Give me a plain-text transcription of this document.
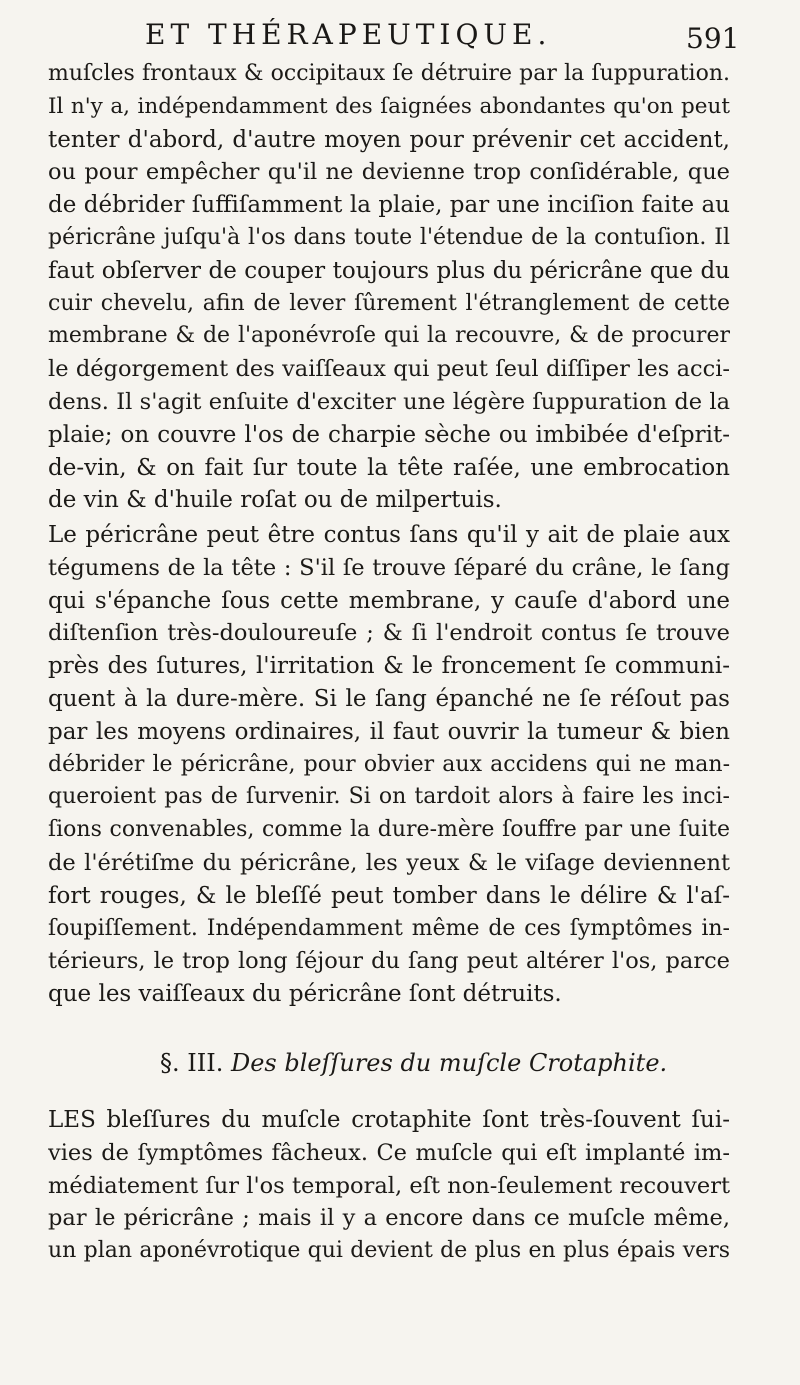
ET THÉRAPEUTIQUE.	591
muſcles frontaux & occipitaux ſe détruire par la ſuppuration.
Il n'y a, indépendamment des ſaignées abondantes qu'on peut
tenter d'abord, d'autre moyen pour prévenir cet accident,
ou pour empêcher qu'il ne devienne trop conſidérable, que
de débrider ſuffiſamment la plaie, par une inciſion faite au
péricrâne juſqu'à l'os dans toute l'étendue de la contuſion. Il
faut obſerver de couper toujours plus du péricrâne que du
cuir chevelu, afin de lever ſûrement l'étranglement de cette
membrane & de l'aponévroſe qui la recouvre, & de procurer
le dégorgement des vaiſſeaux qui peut ſeul diſſiper les acci-
dens. Il s'agit enſuite d'exciter une légère ſuppuration de la
plaie; on couvre l'os de charpie sèche ou imbibée d'eſprit-
de-vin, & on fait ſur toute la tête raſée, une embrocation
de vin & d'huile roſat ou de milpertuis.
Le péricrâne peut être contus ſans qu'il y ait de plaie aux
tégumens de la tête : S'il ſe trouve ſéparé du crâne, le ſang
qui s'épanche ſous cette membrane, y cauſe d'abord une
diſtenſion très-douloureuſe ; & ſi l'endroit contus ſe trouve
près des ſutures, l'irritation & le froncement ſe communi-
quent à la dure-mère. Si le ſang épanché ne ſe réſout pas
par les moyens ordinaires, il faut ouvrir la tumeur & bien
débrider le péricrâne, pour obvier aux accidens qui ne man-
queroient pas de ſurvenir. Si on tardoit alors à faire les inci-
ſions convenables, comme la dure-mère ſouffre par une ſuite
de l'érétiſme du péricrâne, les yeux & le viſage deviennent
fort rouges, & le bleſſé peut tomber dans le délire & l'aſ-
ſoupiſſement. Indépendamment même de ces ſymptômes in-
térieurs, le trop long ſéjour du ſang peut altérer l'os, parce
que les vaiſſeaux du péricrâne ſont détruits.
§. III. Des bleſſures du muſcle Crotaphite.
LES bleſſures du muſcle crotaphite ſont très-ſouvent ſui-
vies de ſymptômes fâcheux. Ce muſcle qui eſt implanté im-
médiatement ſur l'os temporal, eſt non-ſeulement recouvert
par le péricrâne ; mais il y a encore dans ce muſcle même,
un plan aponévrotique qui devient de plus en plus épais vers
